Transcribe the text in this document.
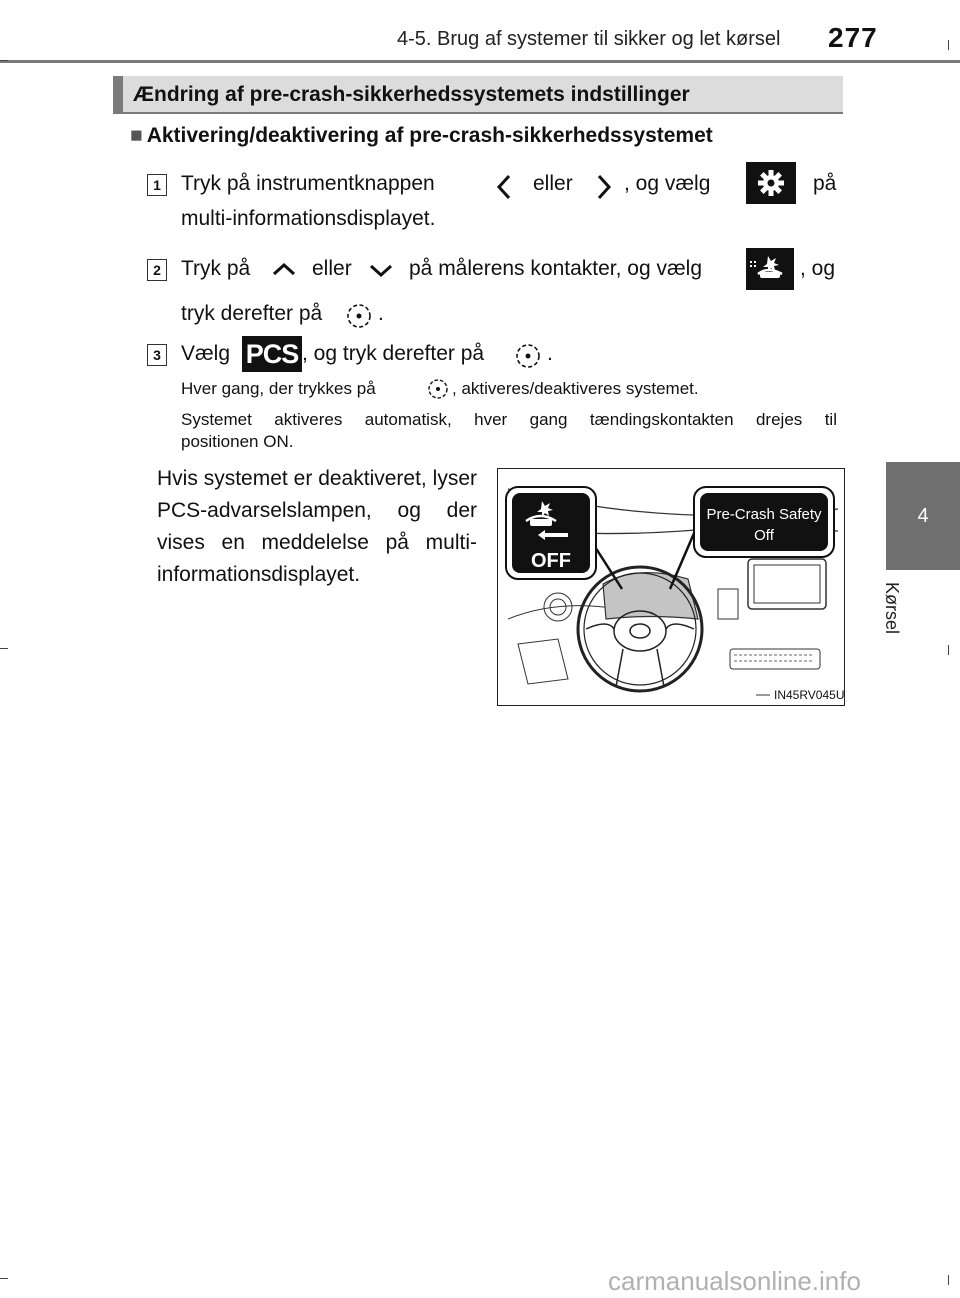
4-5. Brug af systemer til sikker og let kørsel 277
4
Kørsel
Ændring af pre-crash-sikkerhedssystemets indstillinger
■ Aktivering/deaktivering af pre-crash-sikkerhedssystemet
1 Tryk på instrumentknappen	eller , og vælg	på
multi-informationsdisplayet.
2 Tryk på	eller	på målerens kontakter, og vælg	, og
tryk derefter på	.
3 Vælg PCS , og tryk derefter på	.
Hver gang, der trykkes på	, aktiveres/deaktiveres systemet.
Systemet aktiveres automatisk, hver gang tændingskontakten drejes til
positionen ON.
Hvis systemet er deaktiveret, lyser PCS-advarselslampen, og der vises en meddelelse på multi-informationsdisplayet.
OFF
Pre-Crash Safety
Off
IN45RV045U
carmanualsonline.info
